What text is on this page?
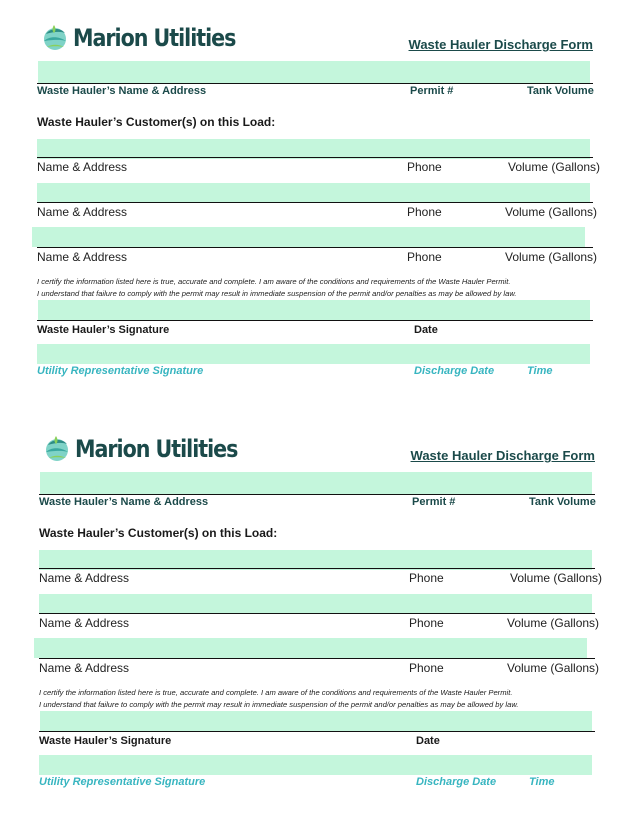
Marion Utilities	Waste Hauler Discharge Form
Waste Hauler’s Name & Address	Permit #	Tank Volume
Waste Hauler’s Customer(s) on this Load:
Name & Address	Phone	Volume (Gallons)
Name & Address	Phone	Volume (Gallons)
Name & Address	Phone	Volume (Gallons)
I certify the information listed here is true, accurate and complete. I am aware of the conditions and requirements of the Waste Hauler Permit.
I understand that failure to comply with the permit may result in immediate suspension of the permit and/or penalties as may be allowed by law.
Waste Hauler’s Signature	Date
Utility Representative Signature	Discharge Date	Time
Marion Utilities	Waste Hauler Discharge Form
Waste Hauler’s Name & Address	Permit #	Tank Volume
Waste Hauler’s Customer(s) on this Load:
Name & Address	Phone	Volume (Gallons)
Name & Address	Phone	Volume (Gallons)
Name & Address	Phone	Volume (Gallons)
I certify the information listed here is true, accurate and complete. I am aware of the conditions and requirements of the Waste Hauler Permit.
I understand that failure to comply with the permit may result in immediate suspension of the permit and/or penalties as may be allowed by law.
Waste Hauler’s Signature	Date
Utility Representative Signature	Discharge Date	Time
